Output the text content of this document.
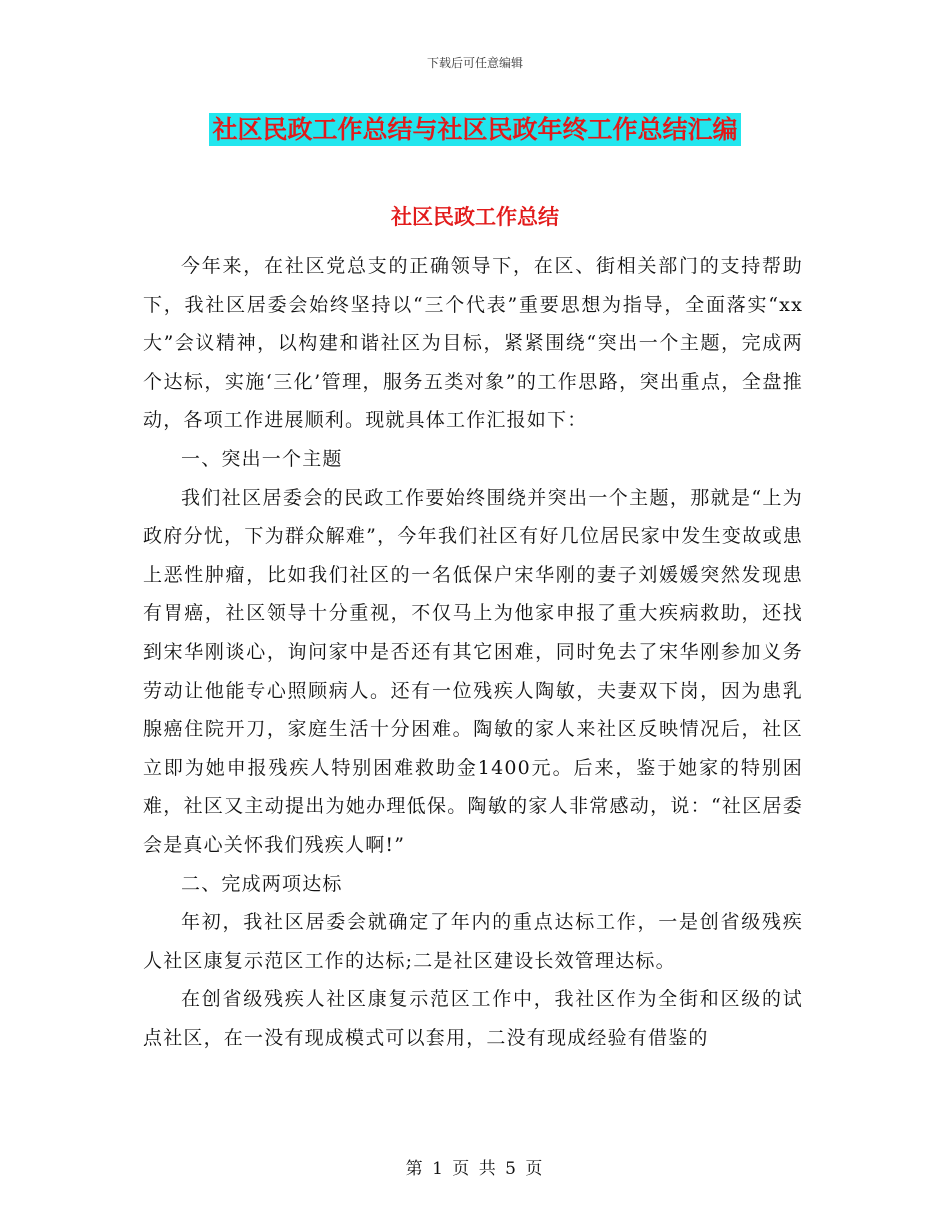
下载后可任意编辑
社区民政工作总结与社区民政年终工作总结汇编
社区民政工作总结

今年来，在社区党总支的正确领导下，在区、街相关部门的支持帮助下，我社区居委会始终坚持以“三个代表”重要思想为指导，全面落实“xx大”会议精神，以构建和谐社区为目标，紧紧围绕“突出一个主题，完成两个达标，实施‘三化’管理，服务五类对象”的工作思路，突出重点，全盘推动，各项工作进展顺利。现就具体工作汇报如下：

一、突出一个主题

我们社区居委会的民政工作要始终围绕并突出一个主题，那就是“上为政府分忧，下为群众解难”，今年我们社区有好几位居民家中发生变故或患上恶性肿瘤，比如我们社区的一名低保户宋华刚的妻子刘媛媛突然发现患有胃癌，社区领导十分重视，不仅马上为他家申报了重大疾病救助，还找到宋华刚谈心，询问家中是否还有其它困难，同时免去了宋华刚参加义务劳动让他能专心照顾病人。还有一位残疾人陶敏，夫妻双下岗，因为患乳腺癌住院开刀，家庭生活十分困难。陶敏的家人来社区反映情况后，社区立即为她申报残疾人特别困难救助金1400元。后来，鉴于她家的特别困难，社区又主动提出为她办理低保。陶敏的家人非常感动，说：“社区居委会是真心关怀我们残疾人啊!”

二、完成两项达标

年初，我社区居委会就确定了年内的重点达标工作，一是创省级残疾人社区康复示范区工作的达标;二是社区建设长效管理达标。

在创省级残疾人社区康复示范区工作中，我社区作为全街和区级的试点社区，在一没有现成模式可以套用，二没有现成经验有借鉴的

第 1 页 共 5 页
